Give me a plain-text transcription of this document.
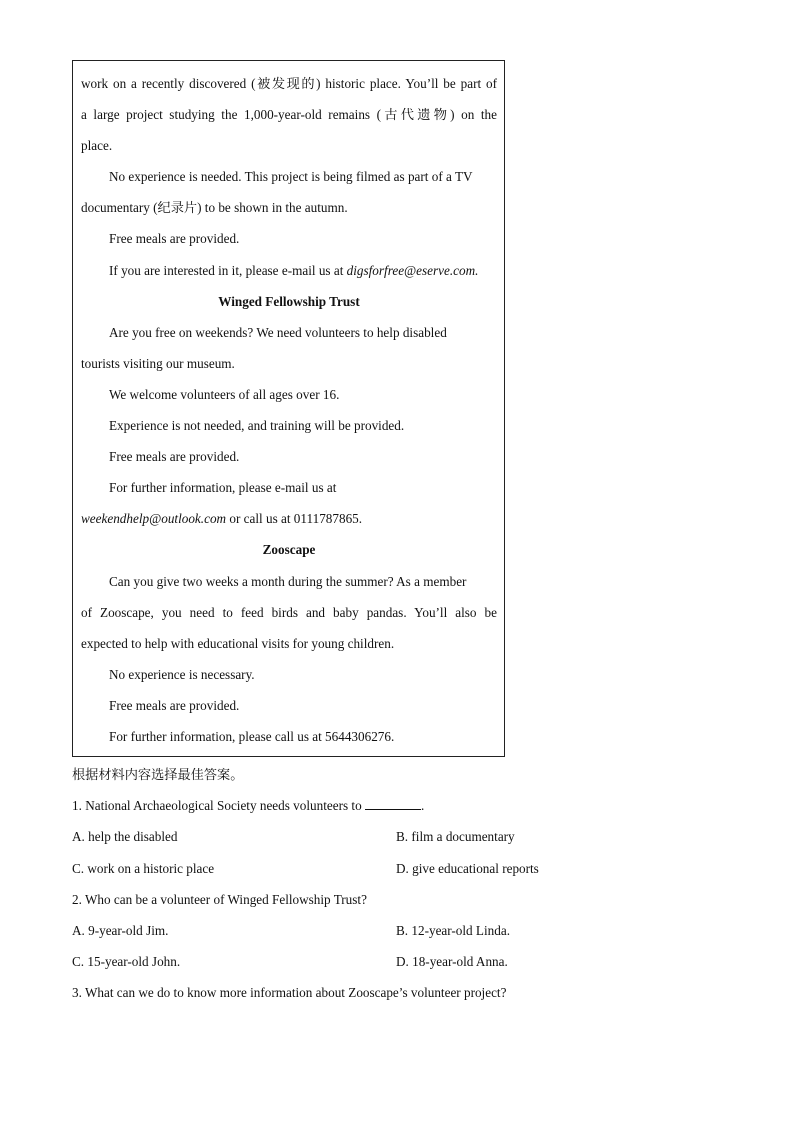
work on a recently discovered (被发现的) historic place. You’ll be part of

a large project studying the 1,000-year-old remains (古代遗物) on the

place.

No experience is needed. This project is being filmed as part of a TV

documentary (纪录片) to be shown in the autumn.

Free meals are provided.

If you are interested in it, please e-mail us at digsforfree@eserve.com.

Winged Fellowship Trust

Are you free on weekends? We need volunteers to help disabled

tourists visiting our museum.

We welcome volunteers of all ages over 16.

Experience is not needed, and training will be provided.

Free meals are provided.

For further information, please e-mail us at

weekendhelp@outlook.com or call us at 0111787865.

Zooscape

Can you give two weeks a month during the summer? As a member

of Zooscape, you need to feed birds and baby pandas. You’ll also be

expected to help with educational visits for young children.

No experience is necessary.

Free meals are provided.

For further information, please call us at 5644306276.

根据材料内容选择最佳答案。
1. National Archaeological Society needs volunteers to	.
A. help the disabled	B. film a documentary
C. work on a historic place	D. give educational reports
2. Who can be a volunteer of Winged Fellowship Trust?
A. 9-year-old Jim.	B. 12-year-old Linda.
C. 15-year-old John.	D. 18-year-old Anna.
3. What can we do to know more information about Zooscape’s volunteer project?
